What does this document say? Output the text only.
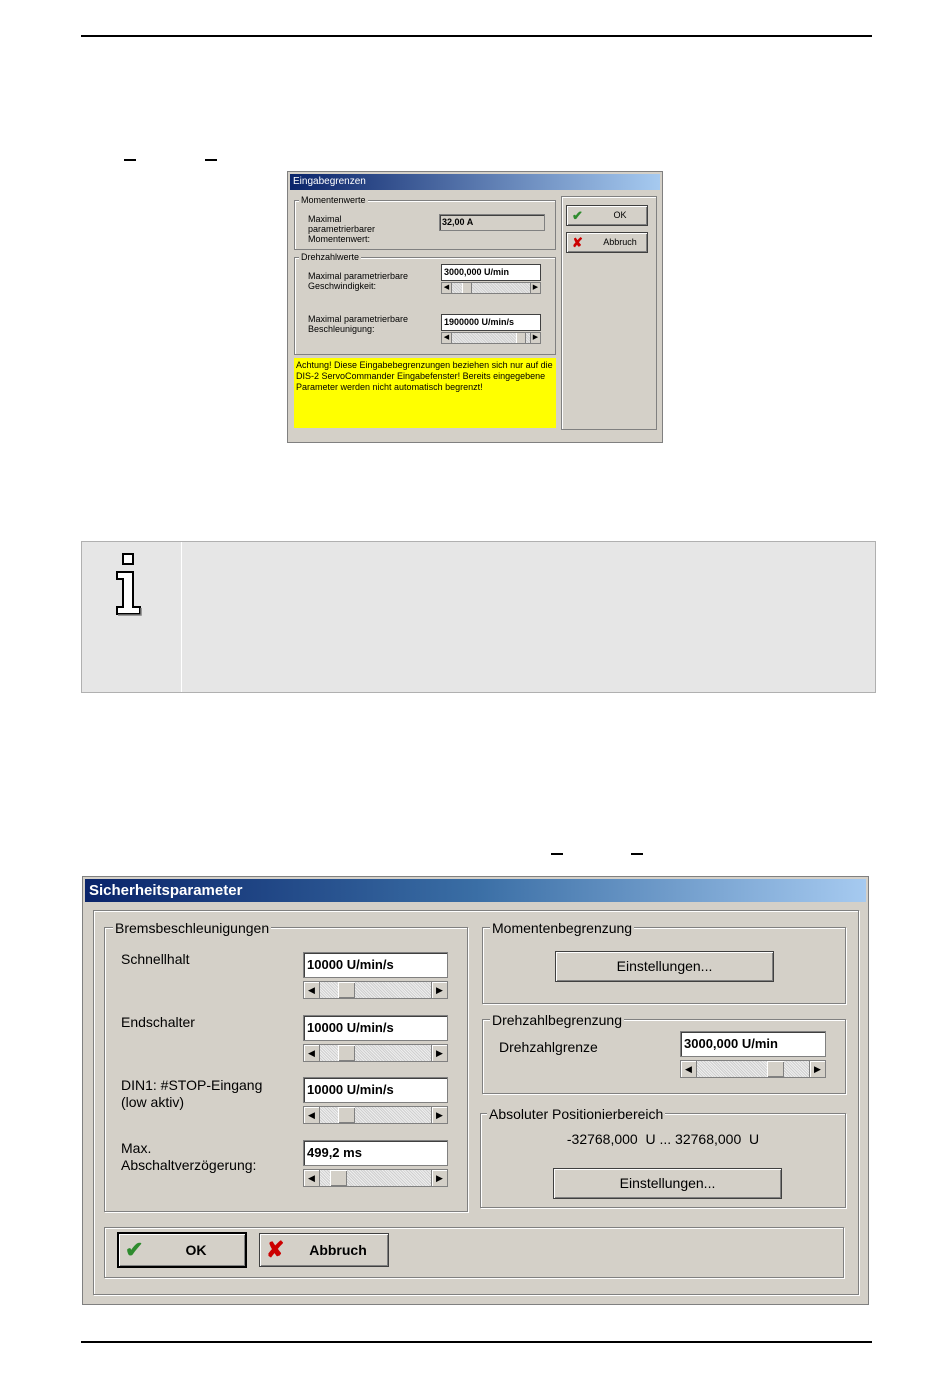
Eingabegrenzen
Momentenwerte
Maximal
parametrierbarer
Momentenwert:
32,00 A
Drehzahlwerte
Maximal parametrierbare
Geschwindigkeit:
3000,000 U/min
◀	▶
Maximal parametrierbare
Beschleunigung:
1900000 U/min/s
◀	▶
Achtung! Diese Eingabebegrenzungen beziehen sich nur auf die DIS-2 ServoCommander Eingabefenster! Bereits eingegebene Parameter werden nicht automatisch begrenzt!
✔	OK
✘	Abbruch
Sicherheitsparameter
Bremsbeschleunigungen
Schnellhalt	10000 U/min/s
◀	▶
Endschalter	10000 U/min/s
◀	▶
DIN1: #STOP-Eingang
(low aktiv)
10000 U/min/s
◀	▶
Max.
Abschaltverzögerung:
499,2 ms
◀	▶
Momentenbegrenzung
Einstellungen...
Drehzahlbegrenzung
Drehzahlgrenze	3000,000 U/min
◀	▶
Absoluter Positionierbereich
-32768,000  U ... 32768,000  U
Einstellungen...
✔	OK	✘	Abbruch
